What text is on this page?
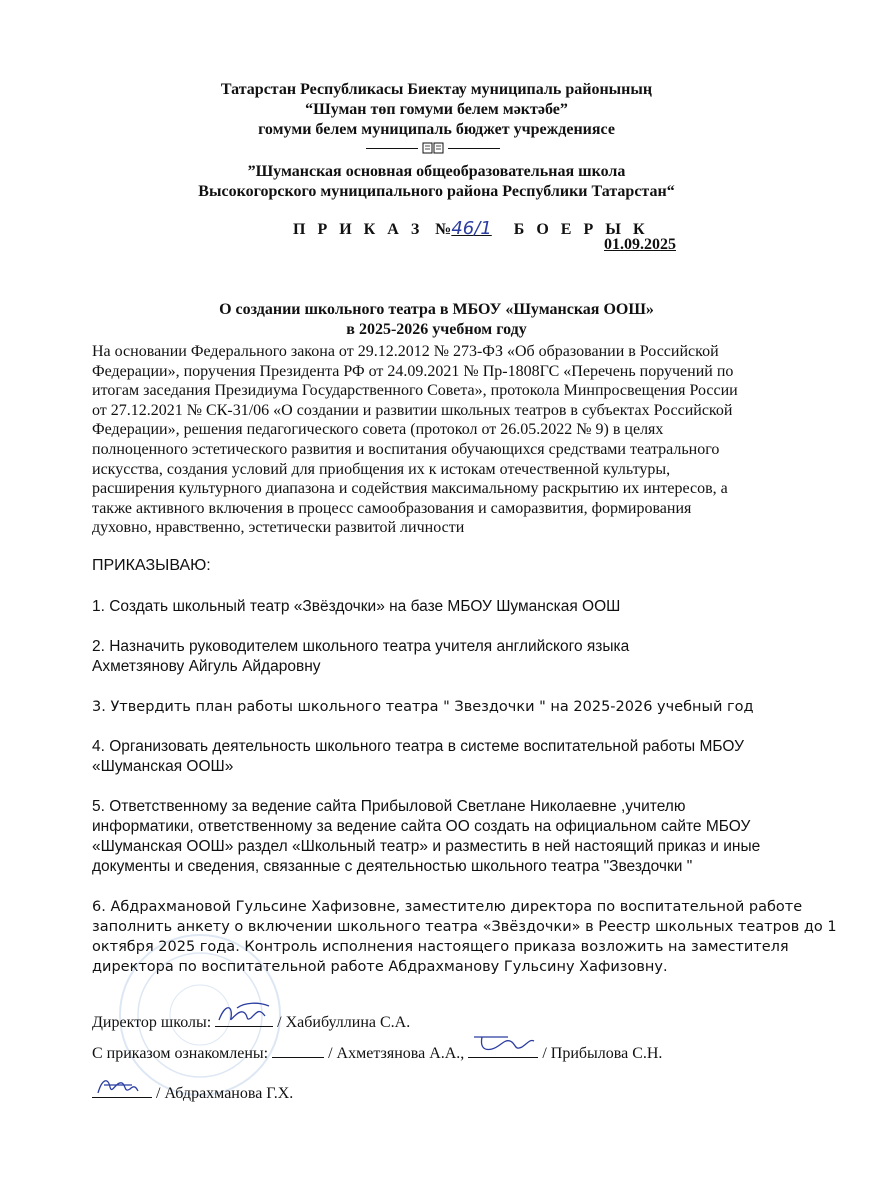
Татарстан Республикасы Биектау муниципаль районының
“Шуман төп гомуми белем мәктәбе”
гомуми белем муниципаль бюджет учреждениясе
”Шуманская основная общеобразовательная школа
Высокогорского муниципального района Республики Татарстан“
П Р И К А З №46/1 Б О Е Р Ы К
01.09.2025
О создании школьного театра в МБОУ «Шуманская ООШ»
в 2025-2026 учебном году
На основании Федерального закона от 29.12.2012 № 273-ФЗ «Об образовании в Российской
Федерации», поручения Президента РФ от 24.09.2021 № Пр-1808ГС «Перечень поручений по
итогам заседания Президиума Государственного Совета», протокола Минпросвещения России
от 27.12.2021 № СК-31/06 «О создании и развитии школьных театров в субъектах Российской
Федерации», решения педагогического совета (протокол от 26.05.2022 № 9) в целях
полноценного эстетического развития и воспитания обучающихся средствами театрального
искусства, создания условий для приобщения их к истокам отечественной культуры,
расширения культурного диапазона и содействия максимальному раскрытию их интересов, а
также активного включения в процесс самообразования и саморазвития, формирования
духовно, нравственно, эстетически развитой личности
ПРИКАЗЫВАЮ:
1. Создать школьный театр «Звёздочки» на базе МБОУ Шуманская ООШ
2. Назначить руководителем школьного театра учителя английского языка
Ахметзянову Айгуль Айдаровну
3. Утвердить план работы школьного театра " Звездочки " на 2025-2026 учебный год
4. Организовать деятельность школьного театра в системе воспитательной работы МБОУ
«Шуманская ООШ»
5. Ответственному за ведение сайта Прибыловой Светлане Николаевне ,учителю
информатики, ответственному за ведение сайта ОО создать на официальном сайте МБОУ
«Шуманская ООШ» раздел «Школьный театр» и разместить в ней настоящий приказ и иные
документы и сведения, связанные с деятельностью школьного театра "Звездочки "
6. Абдрахмановой Гульсине Хафизовне, заместителю директора по воспитательной работе
заполнить анкету о включении школьного театра «Звёздочки» в Реестр школьных театров до 1
октября 2025 года. Контроль исполнения настоящего приказа возложить на заместителя
директора по воспитательной работе Абдрахманову Гульсину Хафизовну.
Директор школы:	/ Хабибуллина С.А.
С приказом ознакомлены:	/ Ахметзянова А.А.,	/ Прибылова С.Н.
/ Абдрахманова Г.Х.
